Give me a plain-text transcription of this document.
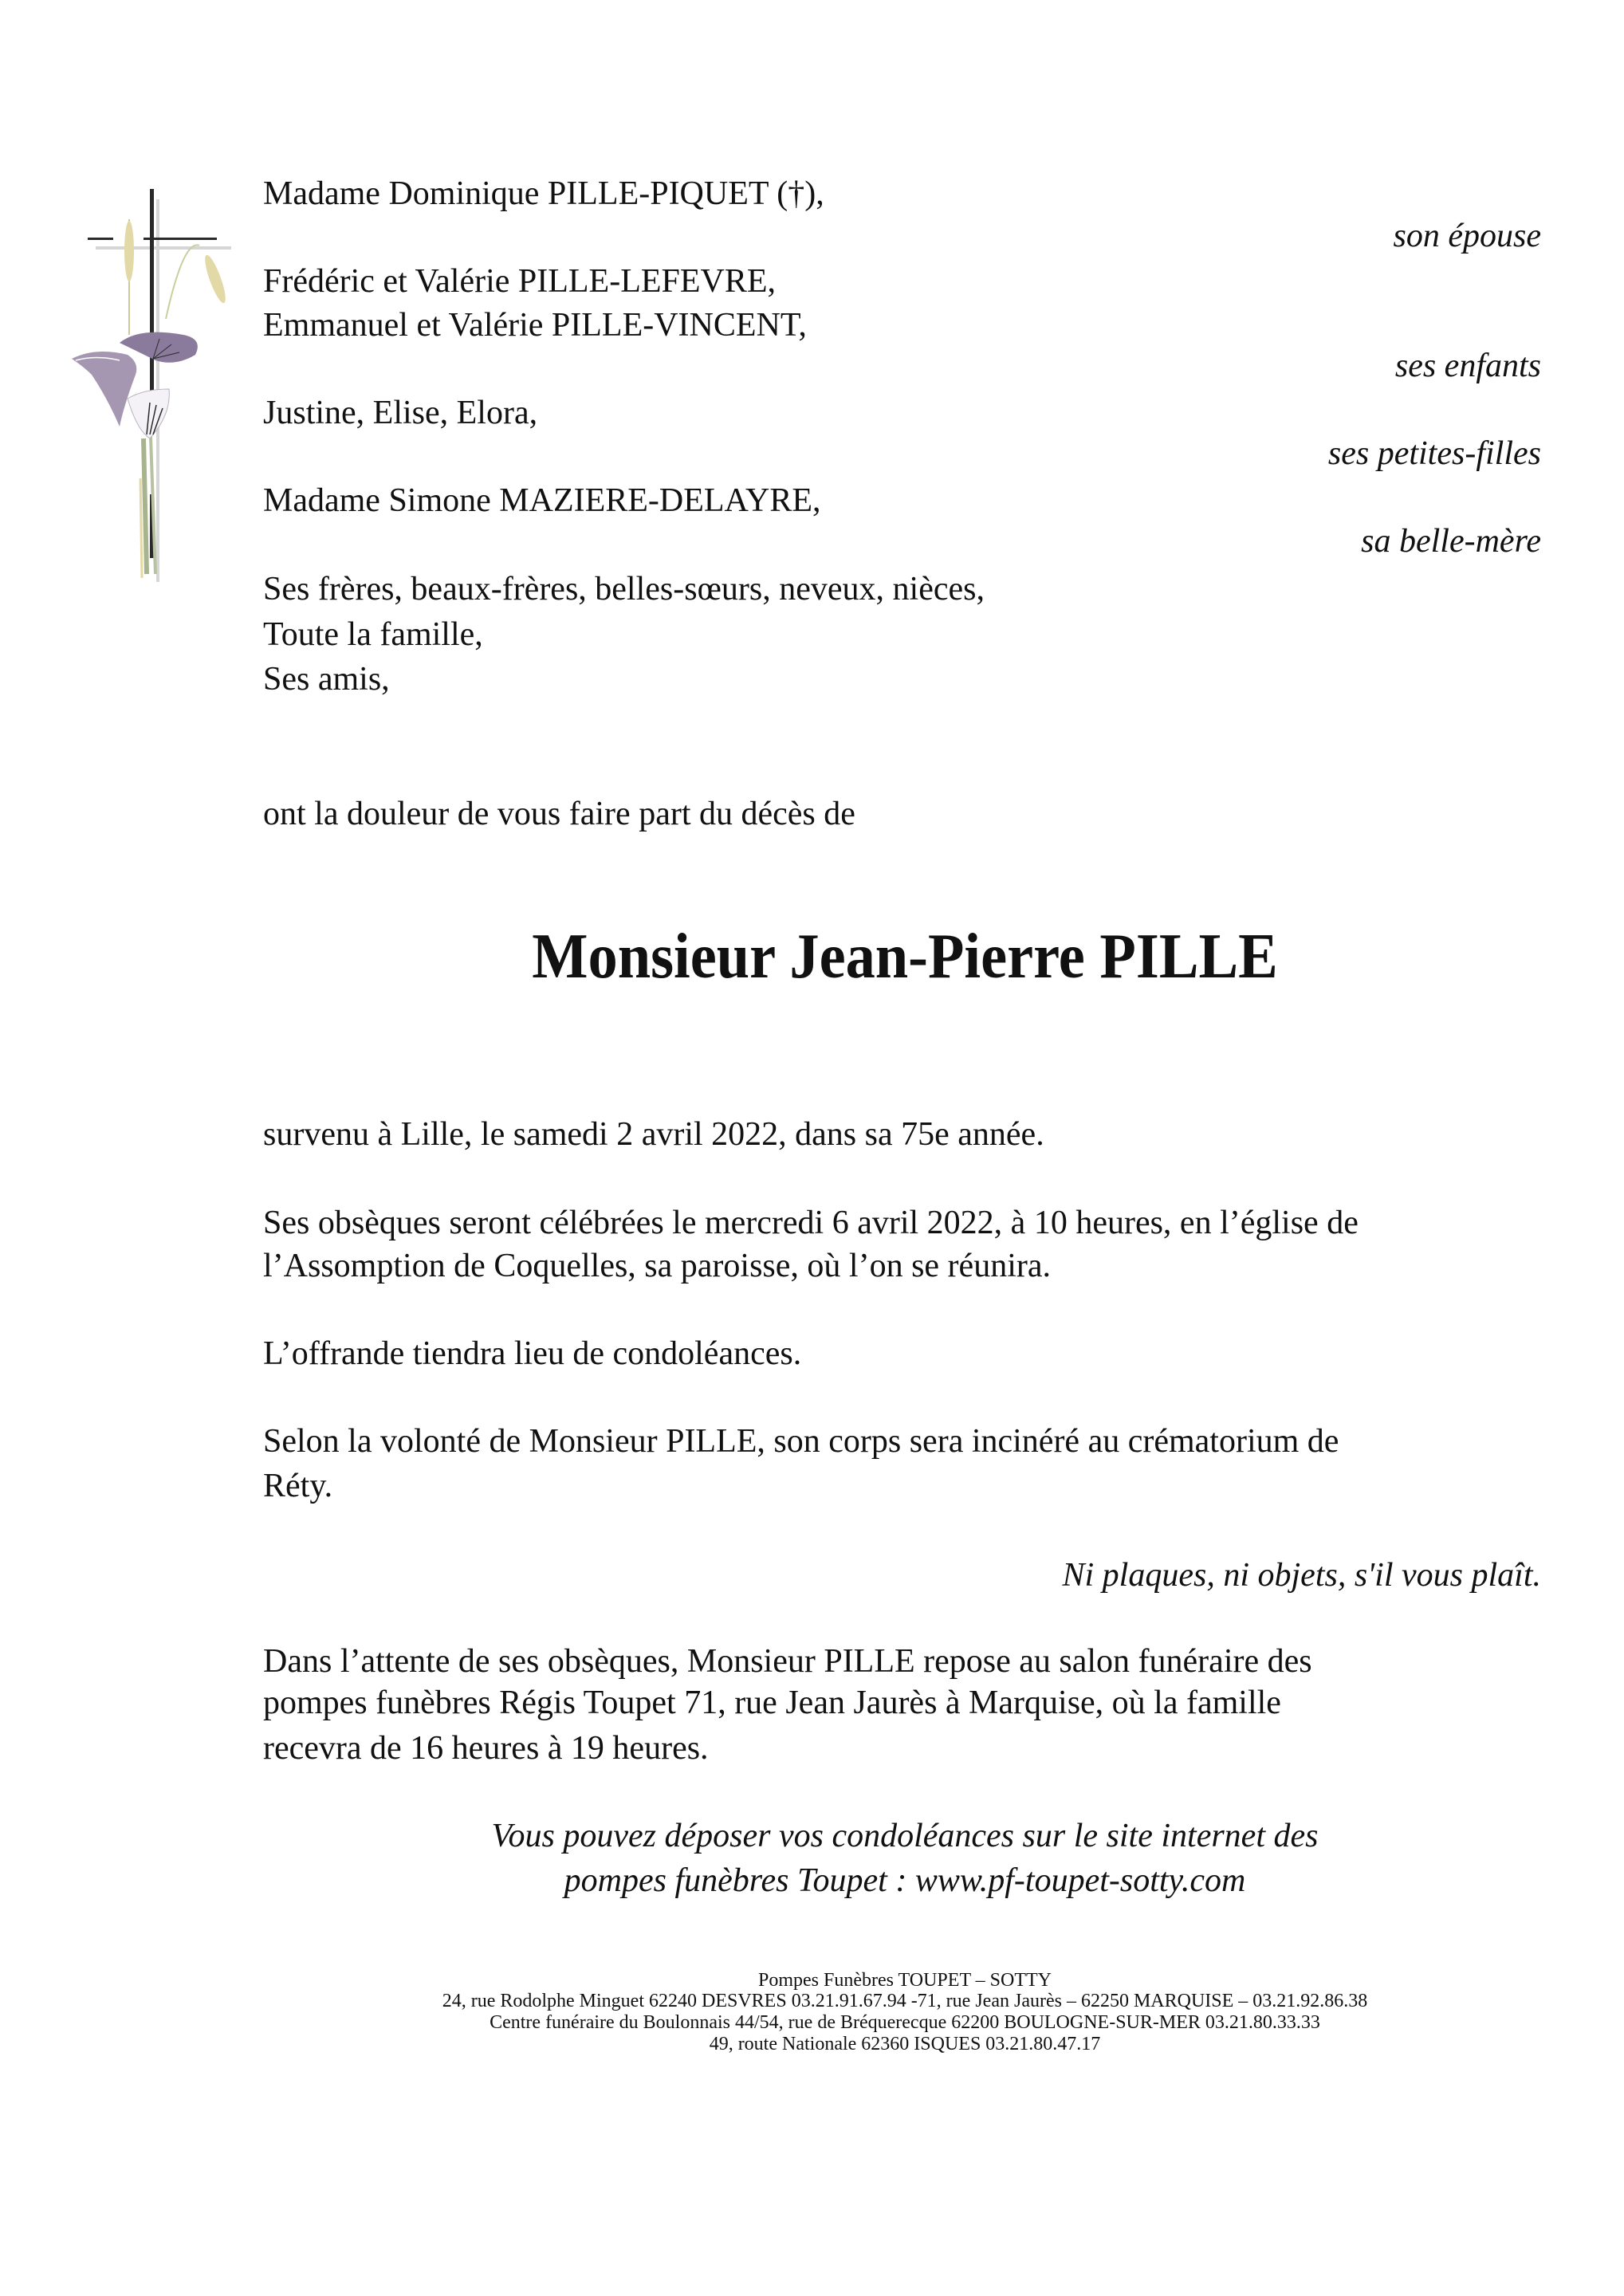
Madame Dominique PILLE-PIQUET (†),
Frédéric et Valérie PILLE-LEFEVRE,
Emmanuel et Valérie PILLE-VINCENT,
Justine, Elise, Elora,
Madame Simone MAZIERE-DELAYRE,
Ses frères, beaux-frères, belles-sœurs, neveux, nièces,
Toute la famille,
Ses amis,
son épouse
ses enfants
ses petites-filles
sa belle-mère
ont la douleur de vous faire part du décès de
Monsieur Jean-Pierre PILLE
survenu à Lille, le samedi 2 avril 2022, dans sa 75e année.
Ses obsèques seront célébrées le mercredi 6 avril 2022, à 10 heures, en l’église de
l’Assomption de Coquelles, sa paroisse, où l’on se réunira.
L’offrande tiendra lieu de condoléances.
Selon la volonté de Monsieur PILLE, son corps sera incinéré au crématorium de
Réty.
Ni plaques, ni objets, s'il vous plaît.
Dans l’attente de ses obsèques, Monsieur PILLE repose au salon funéraire des
pompes funèbres Régis Toupet 71, rue Jean Jaurès à Marquise, où la famille
recevra de 16 heures à 19 heures.
Vous pouvez déposer vos condoléances sur le site internet des
pompes funèbres Toupet : www.pf-toupet-sotty.com
Pompes Funèbres TOUPET – SOTTY
24, rue Rodolphe Minguet 62240 DESVRES 03.21.91.67.94 -71, rue Jean Jaurès – 62250 MARQUISE – 03.21.92.86.38
Centre funéraire du Boulonnais 44/54, rue de Bréquerecque 62200 BOULOGNE-SUR-MER 03.21.80.33.33
49, route Nationale 62360 ISQUES 03.21.80.47.17
